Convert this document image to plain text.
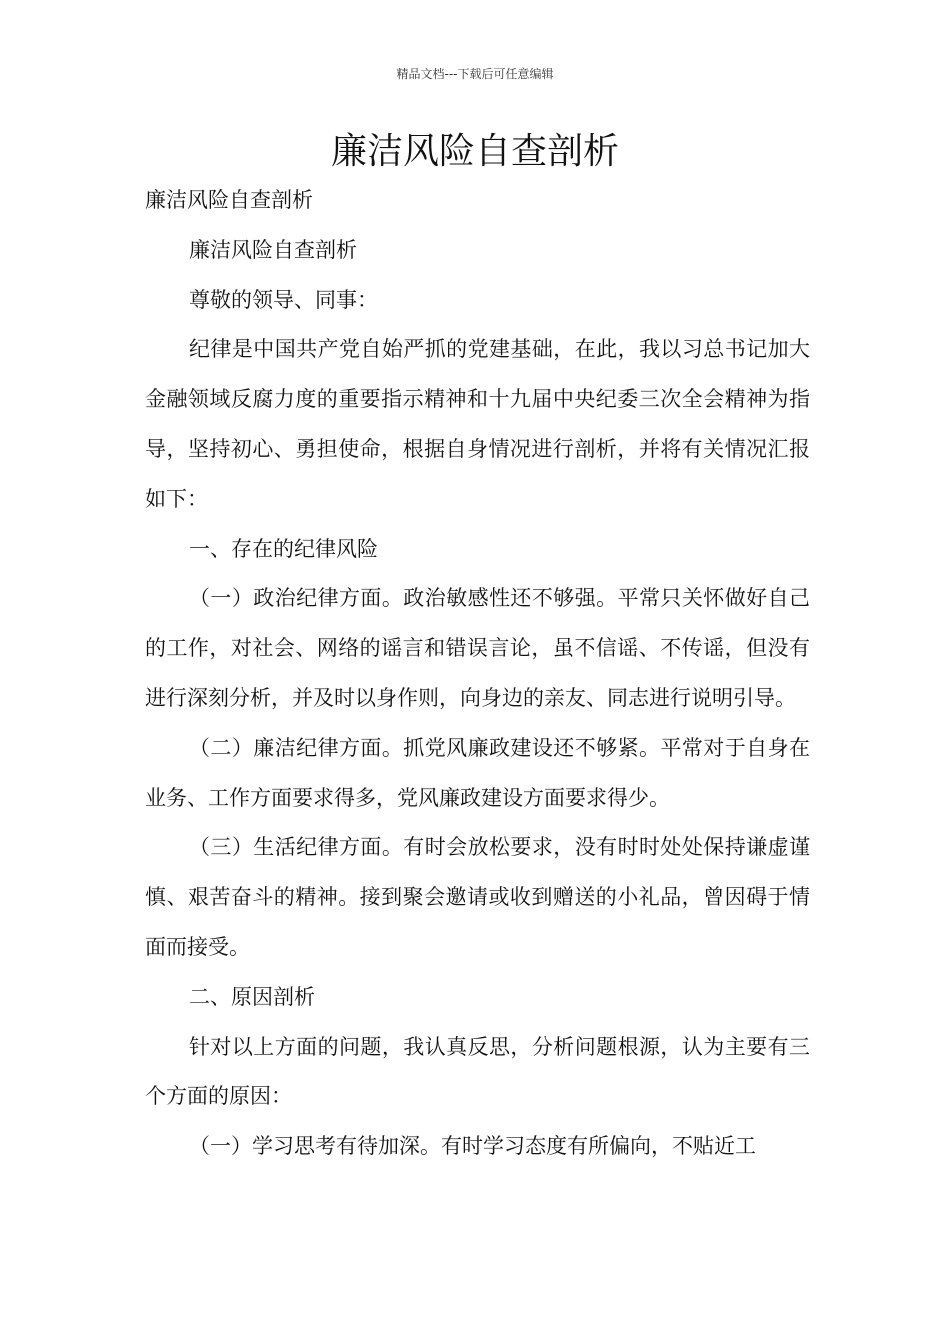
精品文档---下载后可任意编辑
廉洁风险自查剖析

廉洁风险自查剖析

廉洁风险自查剖析

尊敬的领导、同事：

纪律是中国共产党自始严抓的党建基础，在此，我以习总书记加大金融领域反腐力度的重要指示精神和十九届中央纪委三次全会精神为指导，坚持初心、勇担使命，根据自身情况进行剖析，并将有关情况汇报如下：

一、存在的纪律风险

（一）政治纪律方面。政治敏感性还不够强。平常只关怀做好自己的工作，对社会、网络的谣言和错误言论，虽不信谣、不传谣，但没有进行深刻分析，并及时以身作则，向身边的亲友、同志进行说明引导。

（二）廉洁纪律方面。抓党风廉政建设还不够紧。平常对于自身在业务、工作方面要求得多，党风廉政建设方面要求得少。

（三）生活纪律方面。有时会放松要求，没有时时处处保持谦虚谨慎、艰苦奋斗的精神。接到聚会邀请或收到赠送的小礼品，曾因碍于情面而接受。

二、原因剖析

针对以上方面的问题，我认真反思，分析问题根源，认为主要有三个方面的原因：

（一）学习思考有待加深。有时学习态度有所偏向，不贴近工
